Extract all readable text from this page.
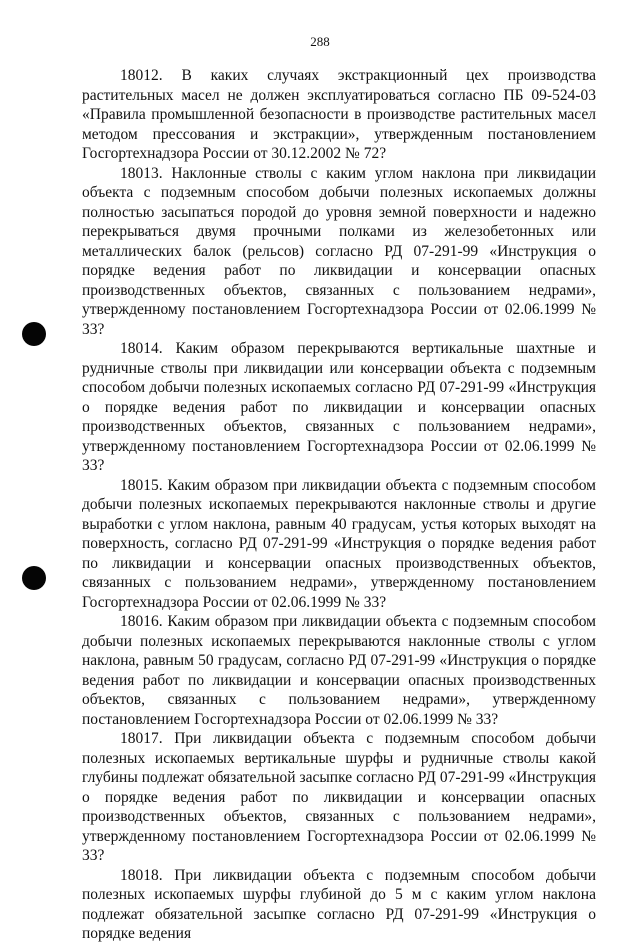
288

18012. В каких случаях экстракционный цех производства растительных масел не должен эксплуатироваться согласно ПБ 09-524-03 «Правила промышленной безопасности в производстве растительных масел методом прессования и экстракции», утвержденным постановлением Госгортехнадзора России от 30.12.2002 № 72?

18013. Наклонные стволы с каким углом наклона при ликвидации объекта с подземным способом добычи полезных ископаемых должны полностью засыпаться породой до уровня земной поверхности и надежно перекрываться двумя прочными полками из железобетонных или металлических балок (рельсов) согласно РД 07-291-99 «Инструкция о порядке ведения работ по ликвидации и консервации опасных производственных объектов, связанных с пользованием недрами», утвержденному постановлением Госгортехнадзора России от 02.06.1999 № 33?

18014. Каким образом перекрываются вертикальные шахтные и рудничные стволы при ликвидации или консервации объекта с подземным способом добычи полезных ископаемых согласно РД 07-291-99 «Инструкция о порядке ведения работ по ликвидации и консервации опасных производственных объектов, связанных с пользованием недрами», утвержденному постановлением Госгортехнадзора России от 02.06.1999 № 33?

18015. Каким образом при ликвидации объекта с подземным способом добычи полезных ископаемых перекрываются наклонные стволы и другие выработки с углом наклона, равным 40 градусам, устья которых выходят на поверхность, согласно РД 07-291-99 «Инструкция о порядке ведения работ по ликвидации и консервации опасных производственных объектов, связанных с пользованием недрами», утвержденному постановлением Госгортехнадзора России от 02.06.1999 № 33?

18016. Каким образом при ликвидации объекта с подземным способом добычи полезных ископаемых перекрываются наклонные стволы с углом наклона, равным 50 градусам, согласно РД 07-291-99 «Инструкция о порядке ведения работ по ликвидации и консервации опасных производственных объектов, связанных с пользованием недрами», утвержденному постановлением Госгортехнадзора России от 02.06.1999 № 33?

18017. При ликвидации объекта с подземным способом добычи полезных ископаемых вертикальные шурфы и рудничные стволы какой глубины подлежат обязательной засыпке согласно РД 07-291-99 «Инструкция о порядке ведения работ по ликвидации и консервации опасных производственных объектов, связанных с пользованием недрами», утвержденному постановлением Госгортехнадзора России от 02.06.1999 № 33?

18018. При ликвидации объекта с подземным способом добычи полезных ископаемых шурфы глубиной до 5 м с каким углом наклона подлежат обязательной засыпке согласно РД 07-291-99 «Инструкция о порядке ведения
